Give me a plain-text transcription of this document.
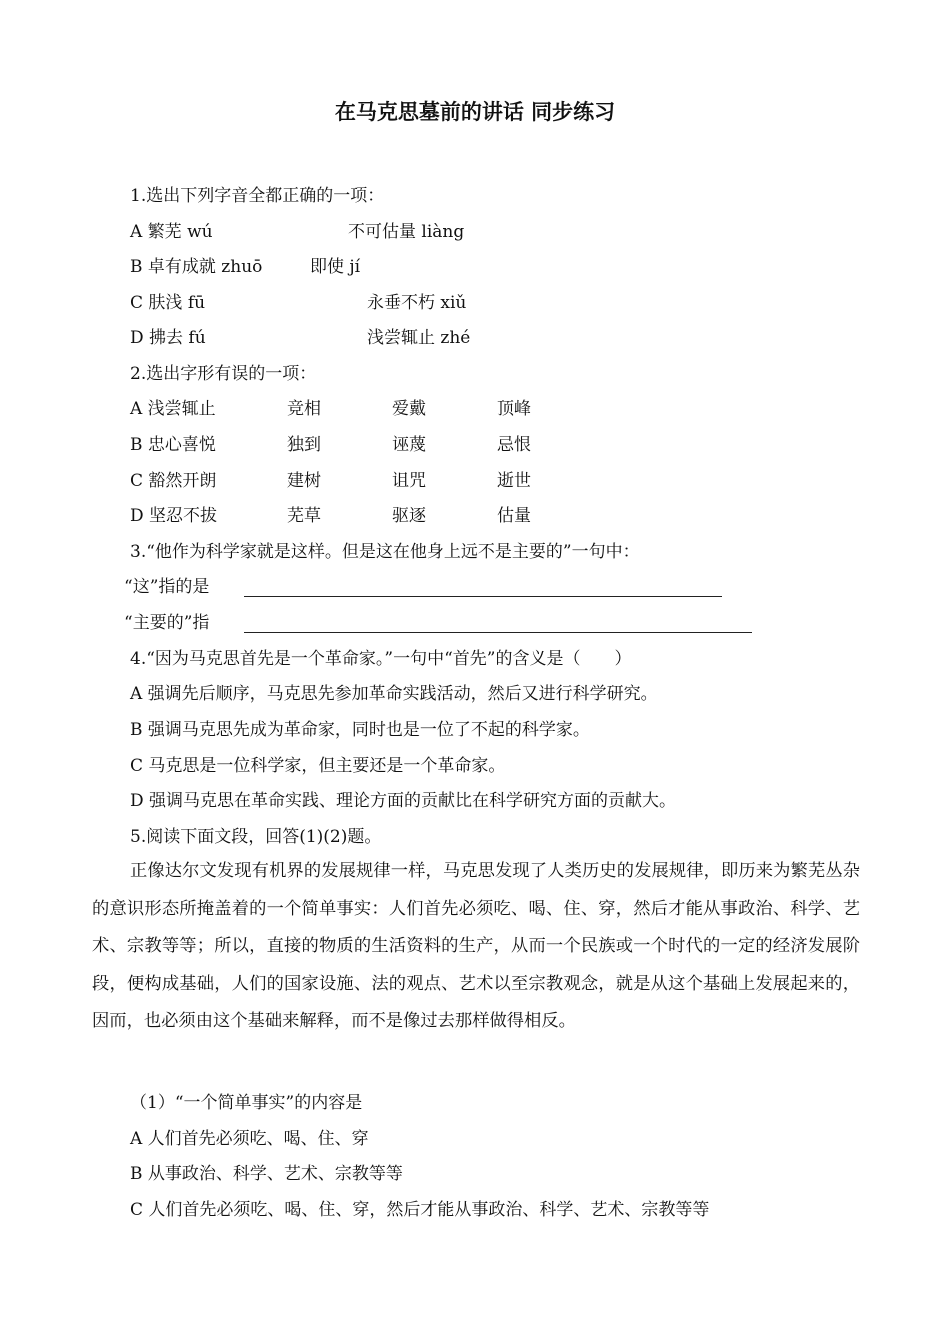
在马克思墓前的讲话 同步练习
1.选出下列字音全都正确的一项：
A 繁芜 wú	不可估量 liàng
B 卓有成就 zhuō	即使 jí
C 肤浅 fū	永垂不朽 xiǔ
D 拂去 fú	浅尝辄止 zhé
2.选出字形有误的一项：
A 浅尝辄止	竞相	爱戴	顶峰
B 忠心喜悦	独到	诬蔑	忌恨
C 豁然开朗	建树	诅咒	逝世
D 坚忍不拔	芜草	驱逐	估量
3.“他作为科学家就是这样。但是这在他身上远不是主要的”一句中：
“这”指的是
“主要的”指
4.“因为马克思首先是一个革命家。”一句中“首先”的含义是（　　）
A 强调先后顺序，马克思先参加革命实践活动，然后又进行科学研究。
B 强调马克思先成为革命家，同时也是一位了不起的科学家。
C 马克思是一位科学家，但主要还是一个革命家。
D 强调马克思在革命实践、理论方面的贡献比在科学研究方面的贡献大。
5.阅读下面文段，回答(1)(2)题。
正像达尔文发现有机界的发展规律一样，马克思发现了人类历史的发展规律，即历来为繁芜丛杂的意识形态所掩盖着的一个简单事实：人们首先必须吃、喝、住、穿，然后才能从事政治、科学、艺术、宗教等等；所以，直接的物质的生活资料的生产，从而一个民族或一个时代的一定的经济发展阶段，便构成基础，人们的国家设施、法的观点、艺术以至宗教观念，就是从这个基础上发展起来的，因而，也必须由这个基础来解释，而不是像过去那样做得相反。
（1）“一个简单事实”的内容是
A 人们首先必须吃、喝、住、穿
B 从事政治、科学、艺术、宗教等等
C 人们首先必须吃、喝、住、穿，然后才能从事政治、科学、艺术、宗教等等
